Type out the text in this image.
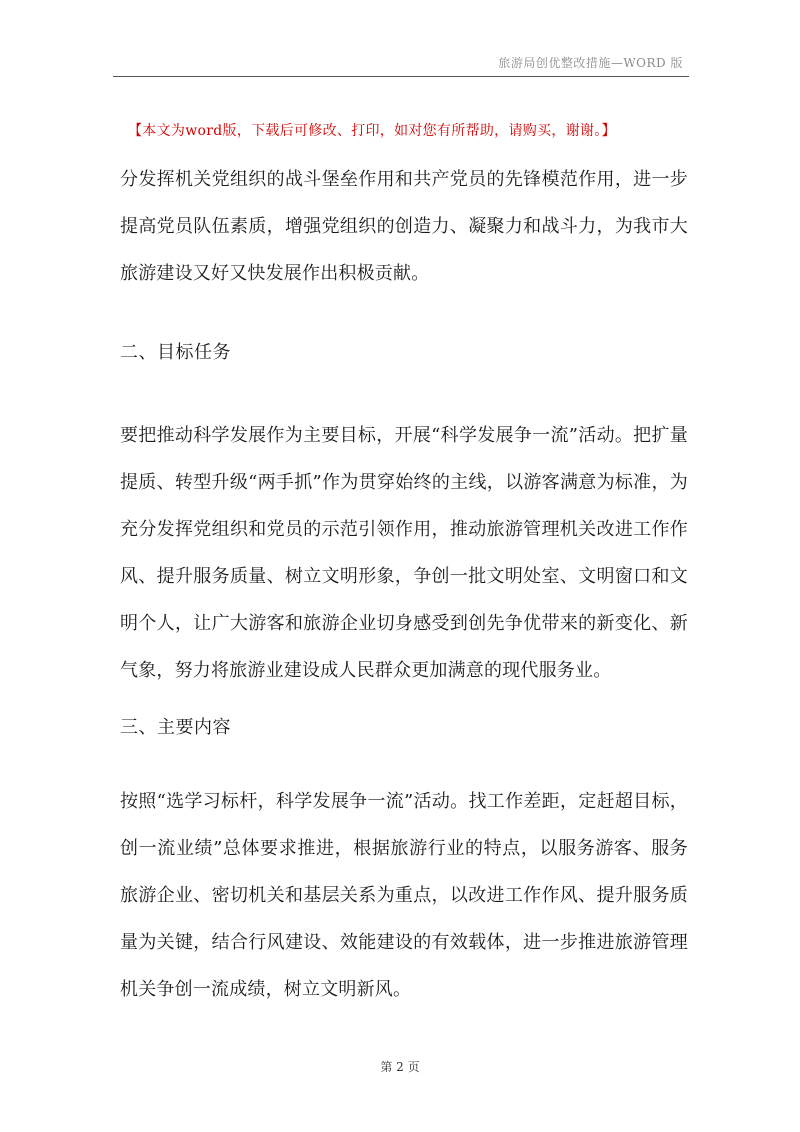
旅游局创优整改措施—WORD 版
【本文为word版，下载后可修改、打印，如对您有所帮助，请购买，谢谢。】

分发挥机关党组织的战斗堡垒作用和共产党员的先锋模范作用，进一步提高党员队伍素质，增强党组织的创造力、凝聚力和战斗力，为我市大旅游建设又好又快发展作出积极贡献。

二、目标任务

要把推动科学发展作为主要目标，开展“科学发展争一流”活动。把扩量提质、转型升级“两手抓”作为贯穿始终的主线，以游客满意为标准，为充分发挥党组织和党员的示范引领作用，推动旅游管理机关改进工作作风、提升服务质量、树立文明形象，争创一批文明处室、文明窗口和文明个人，让广大游客和旅游企业切身感受到创先争优带来的新变化、新气象，努力将旅游业建设成人民群众更加满意的现代服务业。

三、主要内容

按照“选学习标杆，科学发展争一流”活动。找工作差距，定赶超目标，创一流业绩”总体要求推进，根据旅游行业的特点，以服务游客、服务旅游企业、密切机关和基层关系为重点，以改进工作作风、提升服务质量为关键，结合行风建设、效能建设的有效载体，进一步推进旅游管理机关争创一流成绩，树立文明新风。

第 2 页
